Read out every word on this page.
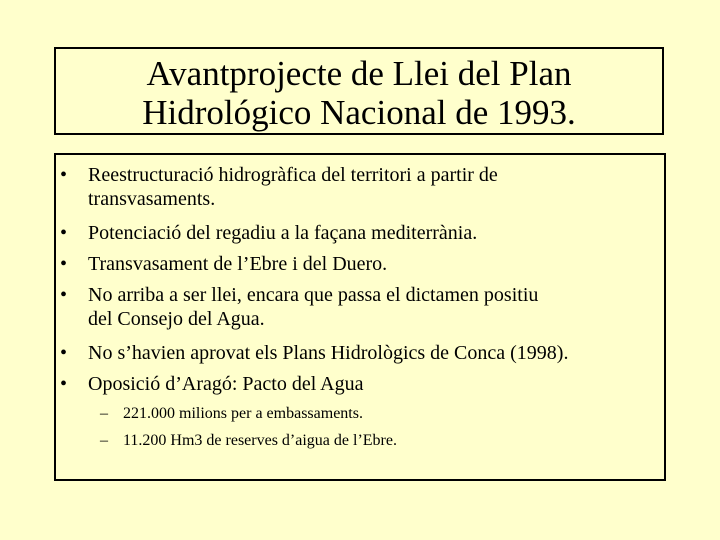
Avantprojecte de Llei del Plan
Hidrológico Nacional de 1993.
• Reestructuració hidrogràfica del territori a partir de
transvasaments.
• Potenciació del regadiu a la façana mediterrània.
• Transvasament de l’Ebre i del Duero.
• No arriba a ser llei, encara que passa el dictamen positiu
del Consejo del Agua.
• No s’havien aprovat els Plans Hidrològics de Conca (1998).
• Oposició d’Aragó: Pacto del Agua
– 221.000 milions per a embassaments.
– 11.200 Hm3 de reserves d’aigua de l’Ebre.
